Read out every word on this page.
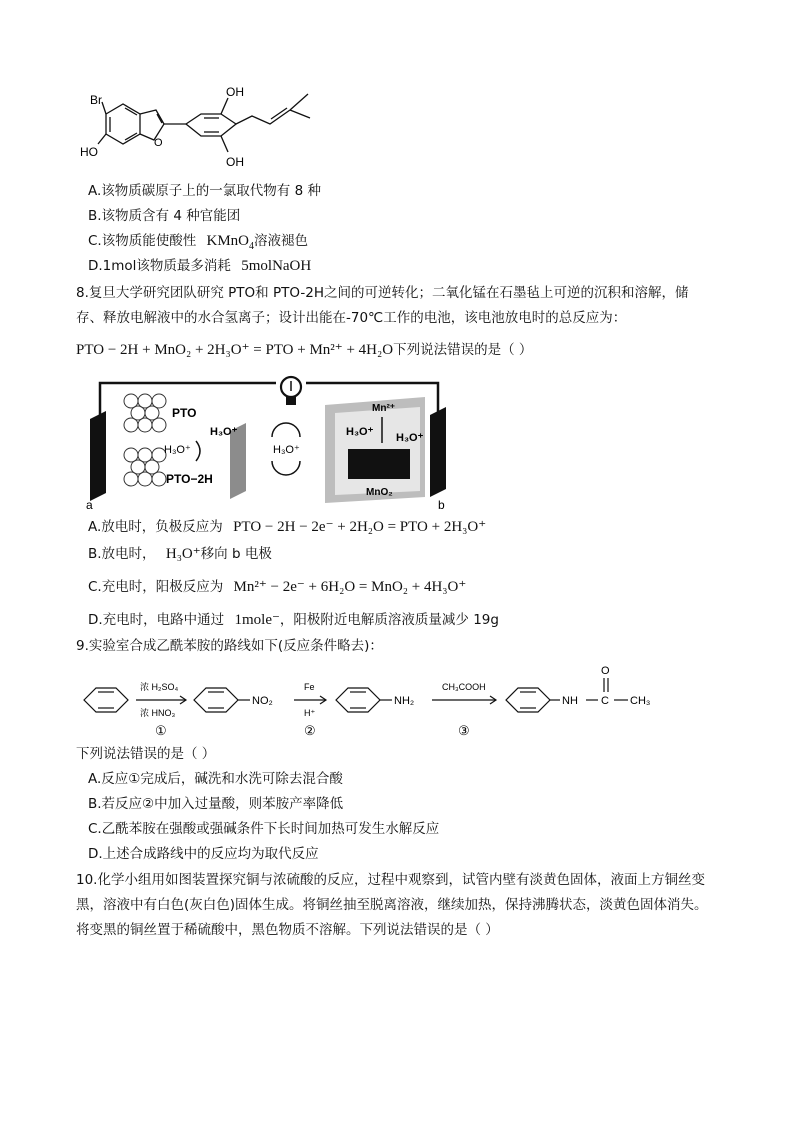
Br
HO
O
OH
OH
A.该物质碳原子上的一氯取代物有 8 种
B.该物质含有 4 种官能团
C.该物质能使酸性 KMnO$_4$溶液褪色
D.1mol该物质最多消耗 5molNaOH
8.复旦大学研究团队研究 PTO和 PTO-2H之间的可逆转化；二氧化锰在石墨毡上可逆的沉积和溶解，储
存、释放电解液中的水合氢离子；设计出能在-70℃工作的电池，该电池放电时的总反应为：
PTO − 2H + MnO₂ + 2H₃O⁺ = PTO + Mn²⁺ + 4H₂O下列说法错误的是（ ）
PTO
PTO−2H
H₃O⁺
H₃O⁺
H₃O⁺
Mn²⁺
H₃O⁺ H₃O⁺
MnO₂
a	b
A.放电时，负极反应为 PTO − 2H − 2e⁻ + 2H₂O = PTO + 2H₃O⁺
B.放电时， H₃O⁺移向 b 电极
C.充电时，阳极反应为 Mn²⁺ − 2e⁻ + 6H₂O = MnO₂ + 4H₃O⁺
D.充电时，电路中通过 1mole⁻，阳极附近电解质溶液质量减少 19g
9.实验室合成乙酰苯胺的路线如下(反应条件略去)：
浓 H₂SO₄
浓 HNO₃
①
NO₂
Fe
H⁺
②
NH₂
CH₃COOH
③
NH C
O
CH₃
下列说法错误的是（ ）
A.反应①完成后，碱洗和水洗可除去混合酸
B.若反应②中加入过量酸，则苯胺产率降低
C.乙酰苯胺在强酸或强碱条件下长时间加热可发生水解反应
D.上述合成路线中的反应均为取代反应
10.化学小组用如图装置探究铜与浓硫酸的反应，过程中观察到，试管内壁有淡黄色固体，液面上方铜丝变
黑，溶液中有白色(灰白色)固体生成。将铜丝抽至脱离溶液，继续加热，保持沸腾状态，淡黄色固体消失。
将变黑的铜丝置于稀硫酸中，黑色物质不溶解。下列说法错误的是（ ）
